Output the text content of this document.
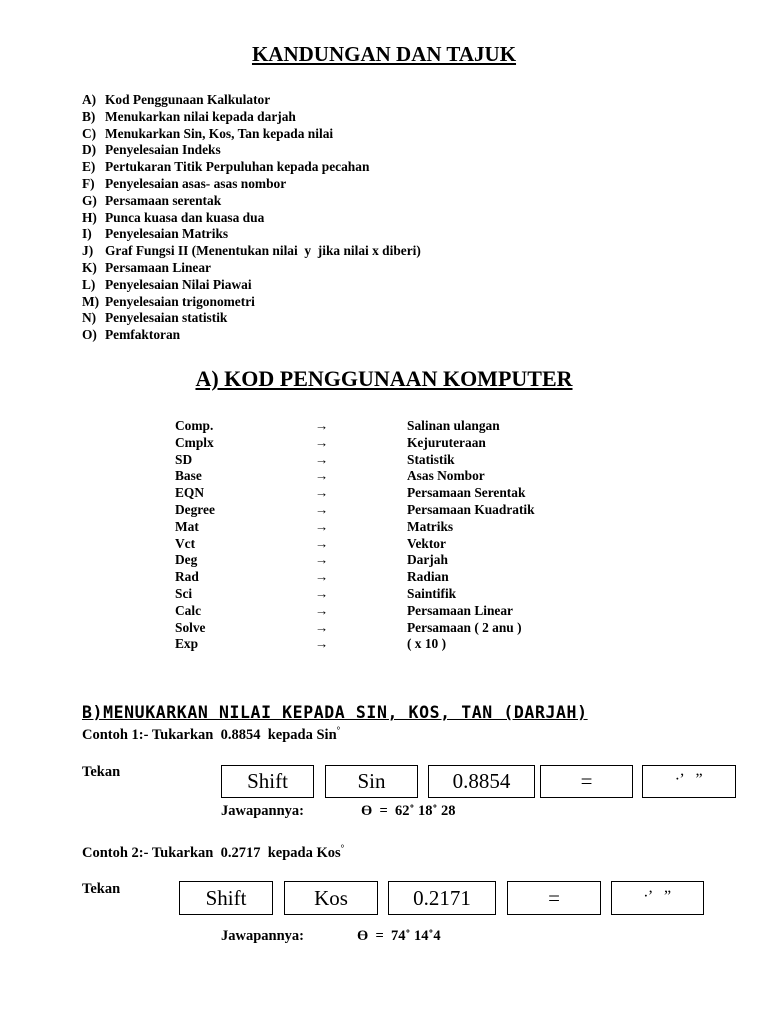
KANDUNGAN DAN TAJUK
A) Kod Penggunaan Kalkulator
B) Menukarkan nilai kepada darjah
C) Menukarkan Sin, Kos, Tan kepada nilai
D) Penyelesaian Indeks
E) Pertukaran Titik Perpuluhan kepada pecahan
F) Penyelesaian asas- asas nombor
G) Persamaan serentak
H) Punca kuasa dan kuasa dua
I) Penyelesaian Matriks
J) Graf Fungsi II (Menentukan nilai  y  jika nilai x diberi)
K) Persamaan Linear
L) Penyelesaian Nilai Piawai
M) Penyelesaian trigonometri
N) Penyelesaian statistik
O) Pemfaktoran
A) KOD PENGGUNAAN KOMPUTER
Comp.	→	Salinan ulangan
Cmplx	→	Kejuruteraan
SD	→	Statistik
Base	→	Asas Nombor
EQN	→	Persamaan Serentak
Degree	→	Persamaan Kuadratik
Mat	→	Matriks
Vct	→	Vektor
Deg	→	Darjah
Rad	→	Radian
Sci	→	Saintifik
Calc	→	Persamaan Linear
Solve	→	Persamaan ( 2 anu )
Exp	→	( x 10 )
B)MENUKARKAN NILAI KEPADA SIN, KOS, TAN (DARJAH)
Contoh 1:- Tukarkan  0.8854  kepada Sin°
Tekan	Shift	Sin	0.8854	=	∙’   ”
Jawapannya:	ϴ  =  62˚ 18˚ 28
Contoh 2:- Tukarkan  0.2717  kepada Kos°
Tekan	Shift	Kos	0.2171	=	∙’   ”
Jawapannya:	ϴ  =  74˚ 14˚4
